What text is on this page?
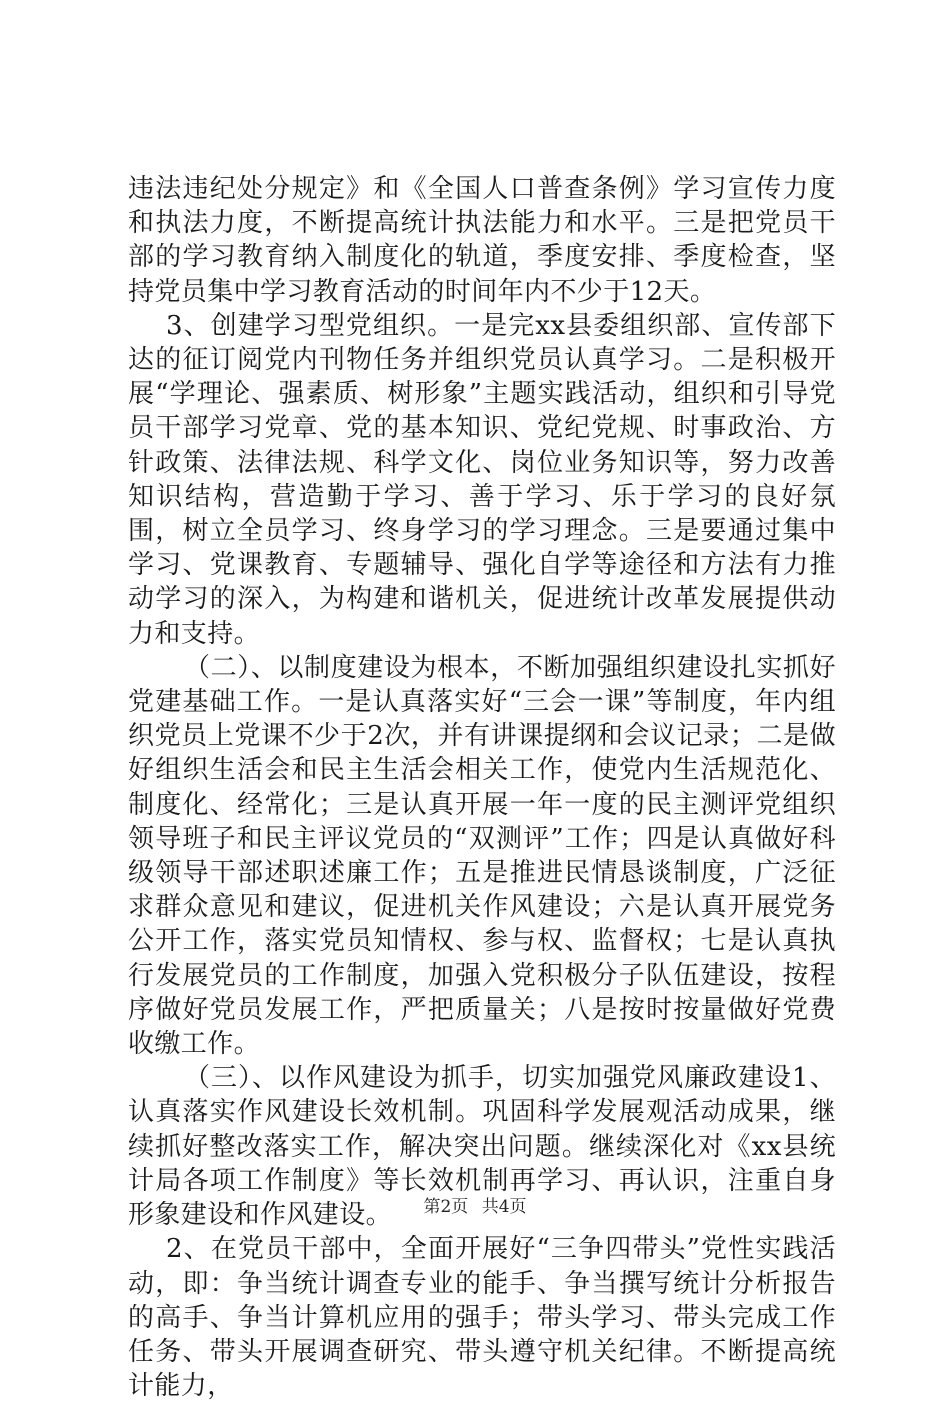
违法违纪处分规定》和《全国人口普查条例》学习宣传力度和执法力度，不断提高统计执法能力和水平。三是把党员干部的学习教育纳入制度化的轨道，季度安排、季度检查，坚持党员集中学习教育活动的时间年内不少于12天。

3、创建学习型党组织。一是完xx县委组织部、宣传部下达的征订阅党内刊物任务并组织党员认真学习。二是积极开展“学理论、强素质、树形象”主题实践活动，组织和引导党员干部学习党章、党的基本知识、党纪党规、时事政治、方针政策、法律法规、科学文化、岗位业务知识等，努力改善知识结构，营造勤于学习、善于学习、乐于学习的良好氛围，树立全员学习、终身学习的学习理念。三是要通过集中学习、党课教育、专题辅导、强化自学等途径和方法有力推动学习的深入，为构建和谐机关，促进统计改革发展提供动力和支持。

（二）、以制度建设为根本，不断加强组织建设扎实抓好党建基础工作。一是认真落实好“三会一课”等制度，年内组织党员上党课不少于2次，并有讲课提纲和会议记录；二是做好组织生活会和民主生活会相关工作，使党内生活规范化、制度化、经常化；三是认真开展一年一度的民主测评党组织领导班子和民主评议党员的“双测评”工作；四是认真做好科级领导干部述职述廉工作；五是推进民情恳谈制度，广泛征求群众意见和建议，促进机关作风建设；六是认真开展党务公开工作，落实党员知情权、参与权、监督权；七是认真执行发展党员的工作制度，加强入党积极分子队伍建设，按程序做好党员发展工作，严把质量关；八是按时按量做好党费收缴工作。

（三）、以作风建设为抓手，切实加强党风廉政建设1、认真落实作风建设长效机制。巩固科学发展观活动成果，继续抓好整改落实工作，解决突出问题。继续深化对《xx县统计局各项工作制度》等长效机制再学习、再认识，注重自身形象建设和作风建设。

2、在党员干部中，全面开展好“三争四带头”党性实践活动，即：争当统计调查专业的能手、争当撰写统计分析报告的高手、争当计算机应用的强手；带头学习、带头完成工作任务、带头开展调查研究、带头遵守机关纪律。不断提高统计能力，

第2页 共4页
